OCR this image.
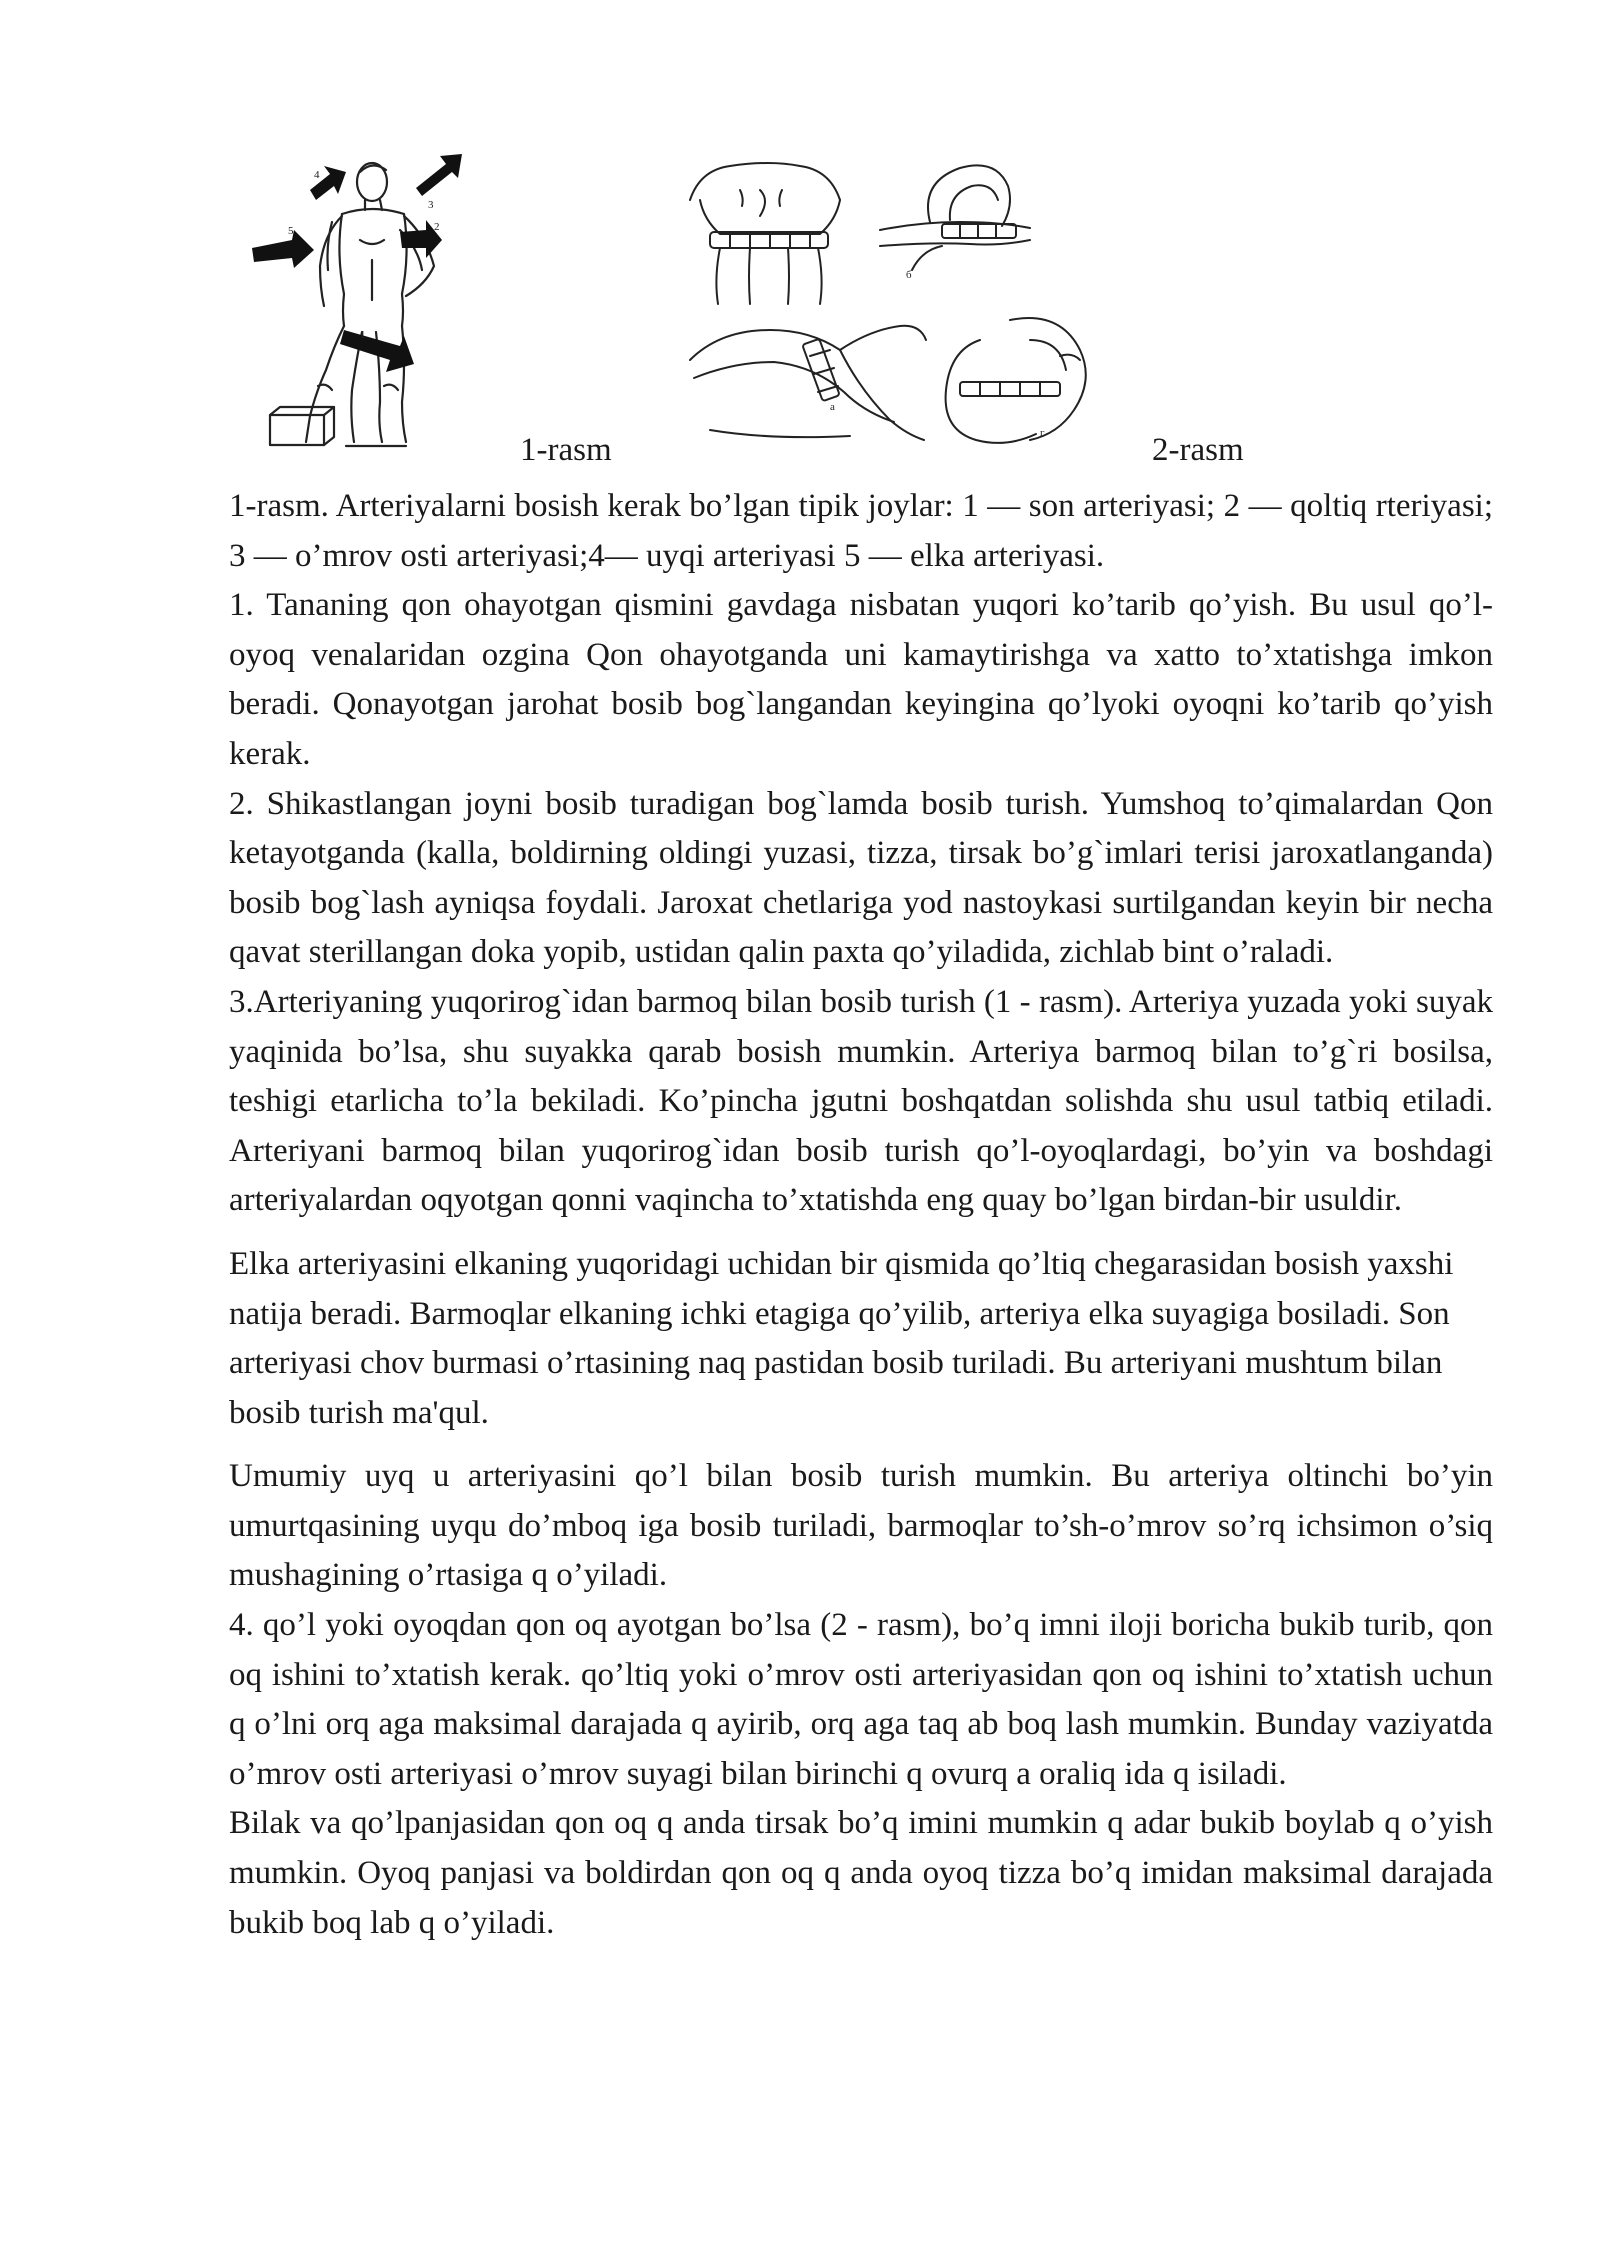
4
3
5	2
1
б
а
г
1-rasm	2-rasm

1-rasm. Arteriyalarni bosish kerak bo’lgan tipik joylar: 1 — son arteriyasi; 2 — qoltiq rteriyasi; 3 — o’mrov osti arteriyasi;4— uyqi arteriyasi 5 — elka arteriyasi.

1. Tananing qon ohayotgan qismini gavdaga nisbatan yuqori ko’tarib qo’yish. Bu usul qo’l-oyoq venalaridan ozgina Qon ohayotganda uni kamaytirishga va xatto to’xtatishga imkon beradi. Qonayotgan jarohat bosib bog`langandan keyingina qo’lyoki oyoqni ko’tarib qo’yish kerak.

2. Shikastlangan joyni bosib turadigan bog`lamda bosib turish. Yumshoq to’qimalardan Qon ketayotganda (kalla, boldirning oldingi yuzasi, tizza, tirsak bo’g`imlari terisi jaroxatlanganda) bosib bog`lash ayniqsa foydali. Jaroxat chetlariga yod nastoykasi surtilgandan keyin bir necha qavat sterillangan doka yopib, ustidan qalin paxta qo’yiladida, zichlab bint o’raladi.

3.Arteriyaning yuqorirog`idan barmoq bilan bosib turish (1 - rasm). Arteriya yuzada yoki suyak yaqinida bo’lsa, shu suyakka qarab bosish mumkin. Arteriya barmoq bilan to’g`ri bosilsa, teshigi etarlicha to’la bekiladi. Ko’pincha jgutni boshqatdan solishda shu usul tatbiq etiladi. Arteriyani barmoq bilan yuqorirog`idan bosib turish qo’l-oyoqlardagi, bo’yin va boshdagi arteriyalardan oqyotgan qonni vaqincha to’xtatishda eng quay bo’lgan birdan-bir usuldir.

Elka arteriyasini elkaning yuqoridagi uchidan bir qismida qo’ltiq chegarasidan bosish yaxshi natija beradi. Barmoqlar elkaning ichki etagiga qo’yilib, arteriya elka suyagiga bosiladi. Son arteriyasi chov burmasi o’rtasining naq pastidan bosib turiladi. Bu arteriyani mushtum bilan bosib turish ma'qul.

Umumiy uyq u arteriyasini qo’l bilan bosib turish mumkin. Bu arteriya oltinchi bo’yin umurtqasining uyqu do’mboq iga bosib turiladi, barmoqlar to’sh-o’mrov so’rq ichsimon o’siq mushagining o’rtasiga q o’yiladi.

4. qo’l yoki oyoqdan qon oq ayotgan bo’lsa (2 - rasm), bo’q imni iloji boricha bukib turib, qon oq ishini to’xtatish kerak. qo’ltiq yoki o’mrov osti arteriyasidan qon oq ishini to’xtatish uchun q o’lni orq aga maksimal darajada q ayirib, orq aga taq ab boq lash mumkin. Bunday vaziyatda o’mrov osti arteriyasi o’mrov suyagi bilan birinchi q ovurq a oraliq ida q isiladi.

Bilak va qo’lpanjasidan qon oq q anda tirsak bo’q imini mumkin q adar bukib boylab q o’yish mumkin. Oyoq panjasi va boldirdan qon oq q anda oyoq tizza bo’q imidan maksimal darajada bukib boq lab q o’yiladi.
